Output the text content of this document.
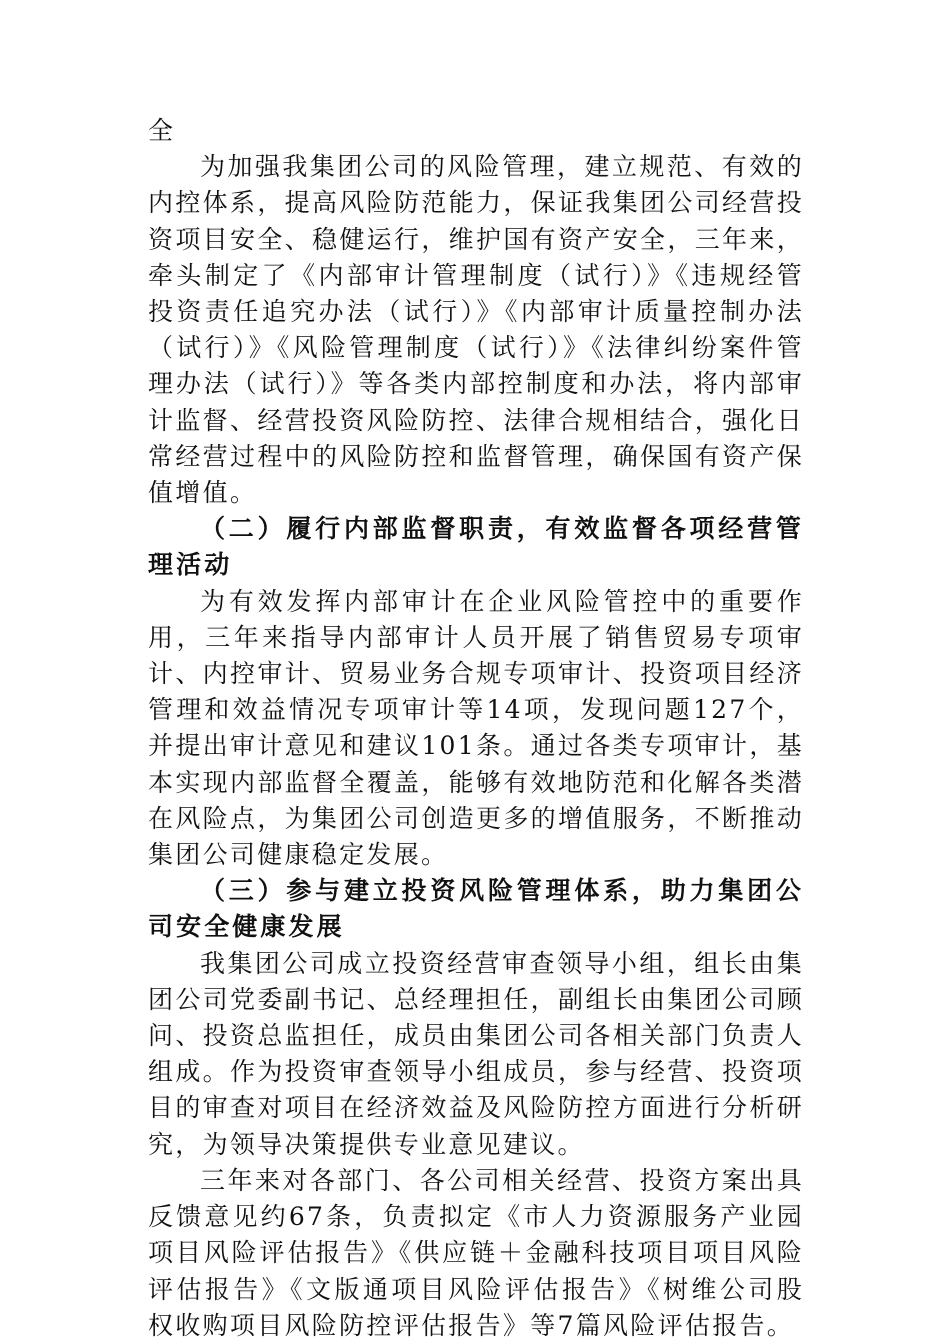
全

为加强我集团公司的风险管理，建立规范、有效的内控体系，提高风险防范能力，保证我集团公司经营投资项目安全、稳健运行，维护国有资产安全，三年来，牵头制定了《内部审计管理制度（试行）》《违规经管投资责任追究办法（试行）》《内部审计质量控制办法（试行）》《风险管理制度（试行）》《法律纠纷案件管理办法（试行）》等各类内部控制度和办法，将内部审计监督、经营投资风险防控、法律合规相结合，强化日常经营过程中的风险防控和监督管理，确保国有资产保值增值。

（二）履行内部监督职责，有效监督各项经营管理活动

为有效发挥内部审计在企业风险管控中的重要作用，三年来指导内部审计人员开展了销售贸易专项审计、内控审计、贸易业务合规专项审计、投资项目经济管理和效益情况专项审计等14项，发现问题127个，并提出审计意见和建议101条。通过各类专项审计，基本实现内部监督全覆盖，能够有效地防范和化解各类潜在风险点，为集团公司创造更多的增值服务，不断推动集团公司健康稳定发展。

（三）参与建立投资风险管理体系，助力集团公司安全健康发展

我集团公司成立投资经营审查领导小组，组长由集团公司党委副书记、总经理担任，副组长由集团公司顾问、投资总监担任，成员由集团公司各相关部门负责人组成。作为投资审查领导小组成员，参与经营、投资项目的审查对项目在经济效益及风险防控方面进行分析研究，为领导决策提供专业意见建议。

三年来对各部门、各公司相关经营、投资方案出具反馈意见约67条，负责拟定《市人力资源服务产业园项目风险评估报告》《供应链＋金融科技项目项目风险评估报告》《文版通项目风险评估报告》《树维公司股权收购项目风险防控评估报告》等7篇风险评估报告。
